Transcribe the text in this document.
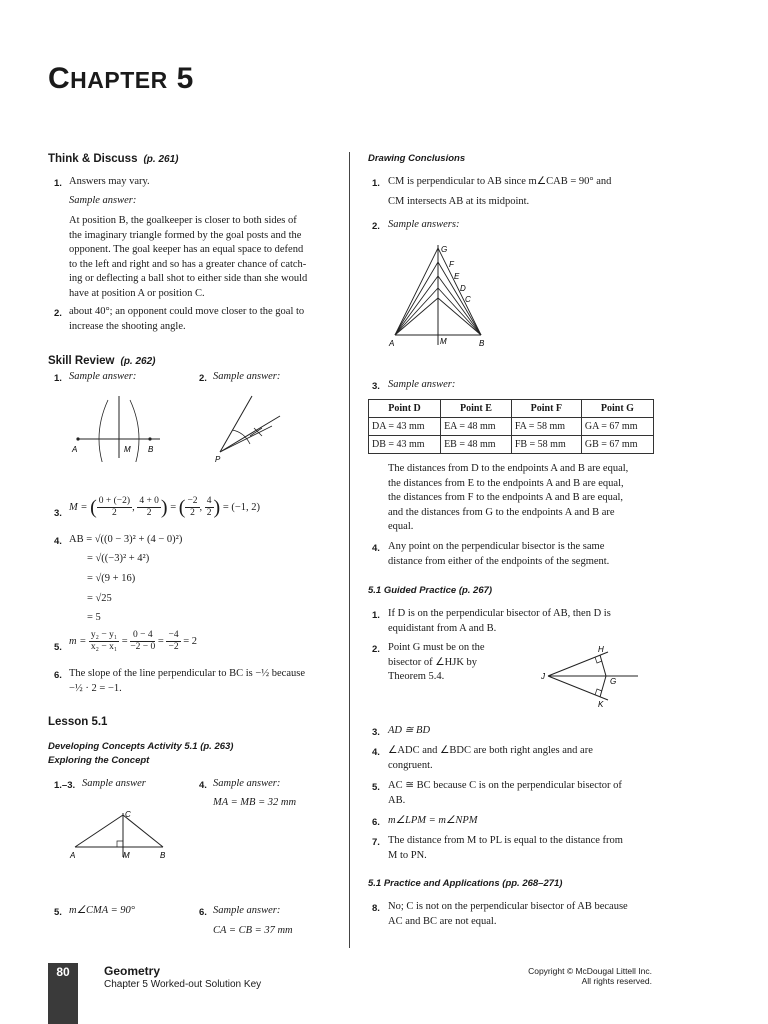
CHAPTER 5
Think & Discuss (p. 261)
1. Answers may vary.
Sample answer:
At position B, the goalkeeper is closer to both sides of
the imaginary triangle formed by the goal posts and the
opponent. The goal keeper has an equal space to defend
to the left and right and so has a greater chance of catch-
ing or deflecting a ball shot to either side than she would
have at position A or position C.
2. about 40°; an opponent could move closer to the goal to
increase the shooting angle.
Skill Review (p. 262)
1. Sample answer:	2. Sample answer:
A	M B
P
3.
M = ( $\frac{0 + (-2)}{2}$ , $\frac{4 + 0}{2}$ ) = ( $\frac{-2}{2}$ , $\frac{4}{2}$ ) = (−1, 2)
4. AB = √((0 − 3)² + (4 − 0)²)
= √((−3)² + 4²)
= √(9 + 16)
= √25
= 5
5.
$m = \frac{\text{y₂ − y₁}}{\text{x₂ − x₁}} = \frac{0 - 4}{-2 - 0} = \frac{-4}{-2} = 2$
6. The slope of the line perpendicular to BC is −½ because
−½ · 2 = −1.
Lesson 5.1
Developing Concepts Activity 5.1 (p. 263)
Exploring the Concept
1.–3. Sample answer	4. Sample answer:
MA = MB = 32 mm
C
A	M	B
5. m∠CMA = 90°	6. Sample answer:
CA = CB = 37 mm
Drawing Conclusions
1. CM is perpendicular to AB since m∠CAB = 90° and
CM intersects AB at its midpoint.
2. Sample answers:
G
F
E
D
C
A	M	B
3. Sample answer:
Point D	Point E	Point F	Point G
DA = 43 mm	EA = 48 mm	FA = 58 mm	GA = 67 mm
DB = 43 mm	EB = 48 mm	FB = 58 mm	GB = 67 mm
The distances from D to the endpoints A and B are equal,
the distances from E to the endpoints A and B are equal,
the distances from F to the endpoints A and B are equal,
and the distances from G to the endpoints A and B are
equal.
4. Any point on the perpendicular bisector is the same
distance from either of the endpoints of the segment.
5.1 Guided Practice (p. 267)
1. If D is on the perpendicular bisector of AB, then D is
equidistant from A and B.
2. Point G must be on the
bisector of ∠HJK by
Theorem 5.4.
H
J
G
K
3. AD ≅ BD
4. ∠ADC and ∠BDC are both right angles and are
congruent.
5. AC ≅ BC because C is on the perpendicular bisector of
AB.
6. m∠LPM = m∠NPM
7. The distance from M to PL is equal to the distance from
M to PN.
5.1 Practice and Applications (pp. 268–271)
8. No; C is not on the perpendicular bisector of AB because
AC and BC are not equal.
80	Geometry
Chapter 5 Worked-out Solution Key
Copyright © McDougal Littell Inc.
All rights reserved.
